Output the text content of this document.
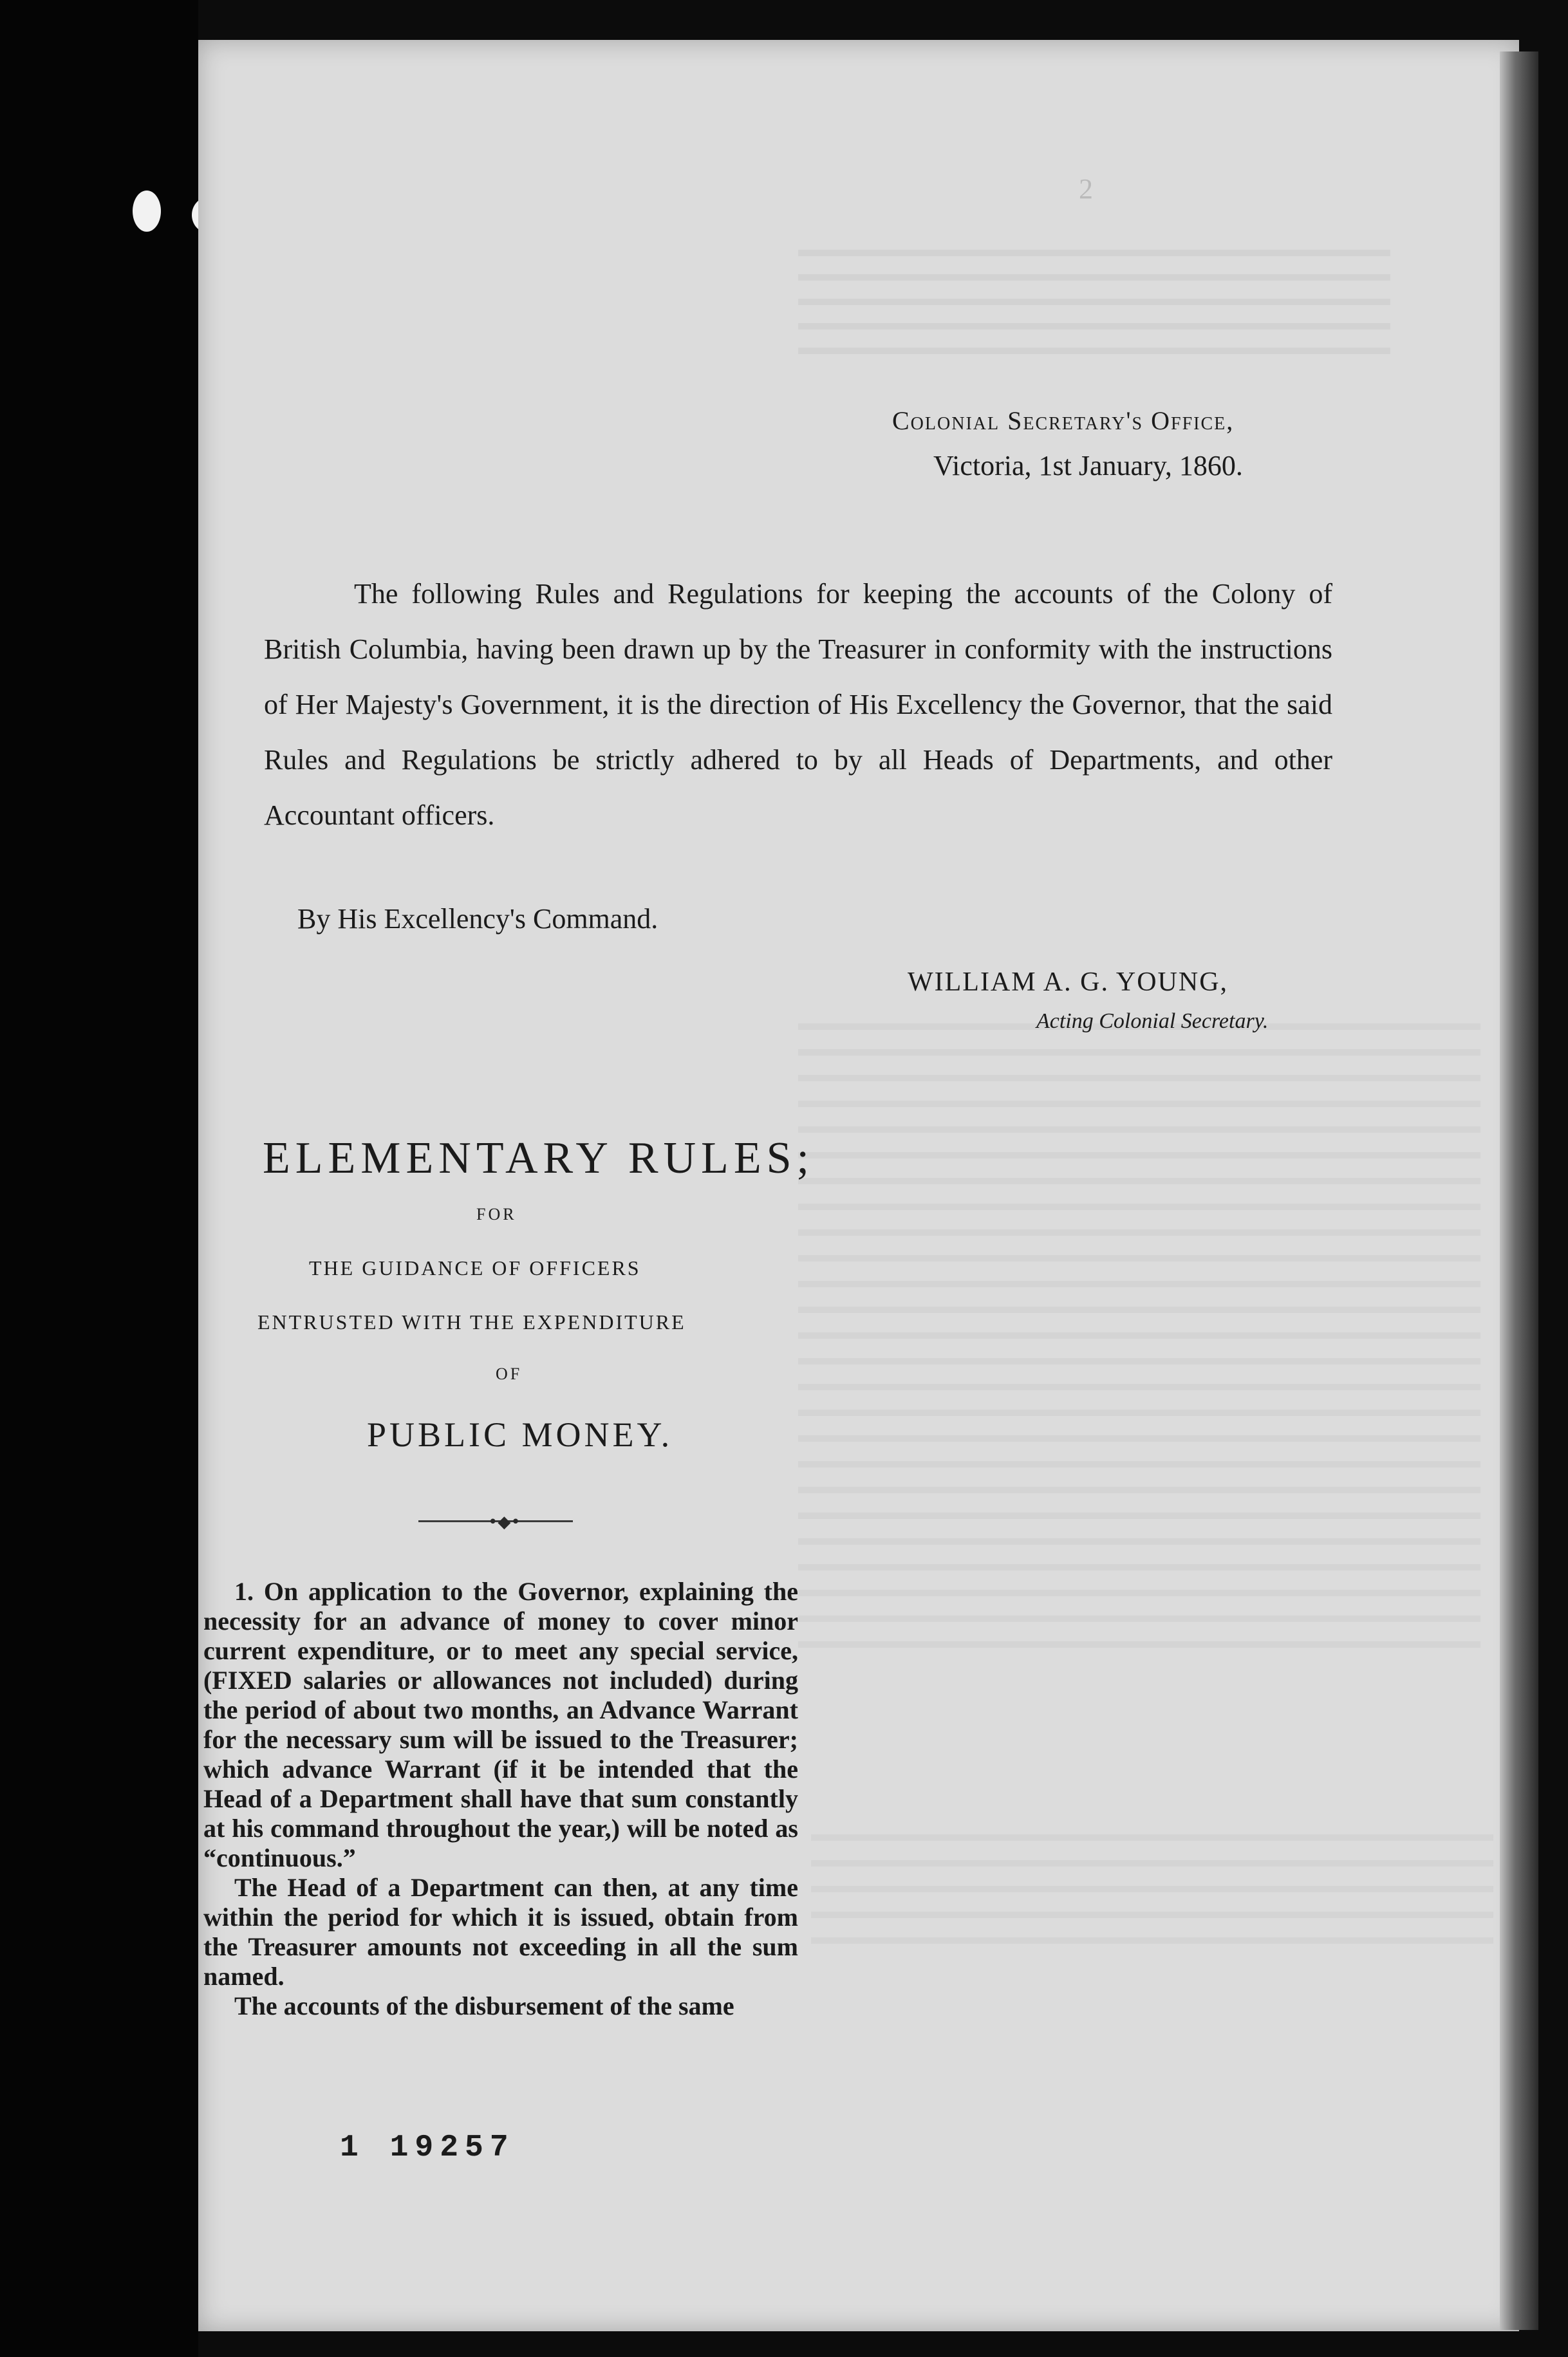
2
Colonial Secretary's Office,
Victoria, 1st January, 1860.
The following Rules and Regulations for keeping the accounts of the Colony of British Columbia, having been drawn up by the Treasurer in conformity with the instructions of Her Majesty's Government, it is the direction of His Excellency the Governor, that the said Rules and Regulations be strictly adhered to by all Heads of Departments, and other Accountant officers.
By His Excellency's Command.
WILLIAM A. G. YOUNG,
Acting Colonial Secretary.
ELEMENTARY RULES;
FOR
THE GUIDANCE OF OFFICERS
ENTRUSTED WITH THE EXPENDITURE
OF
PUBLIC MONEY.
•◆•

1. On application to the Governor, explaining the necessity for an advance of money to cover minor current expenditure, or to meet any special service, (FIXED salaries or allowances not included) during the period of about two months, an Advance Warrant for the necessary sum will be issued to the Treasurer; which advance Warrant (if it be intended that the Head of a Department shall have that sum constantly at his command throughout the year,) will be noted as “continuous.”

The Head of a Department can then, at any time within the period for which it is issued, obtain from the Treasurer amounts not exceeding in all the sum named.

The accounts of the disbursement of the same

1 19257
